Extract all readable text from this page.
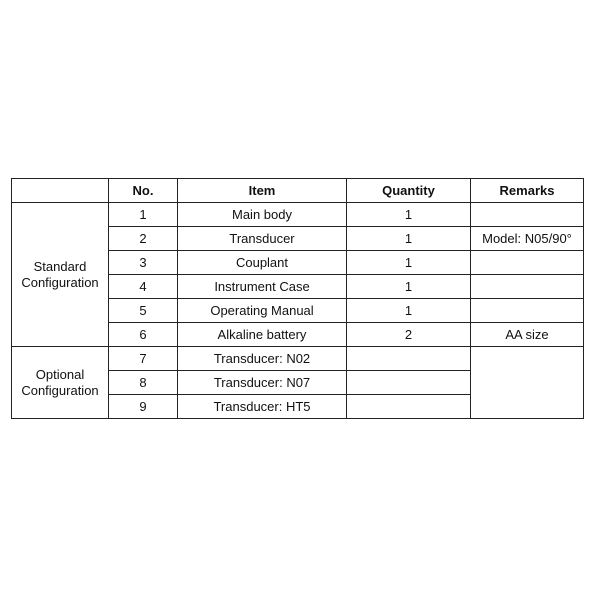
	No.	Item	Quantity	Remarks

Standard
Configuration	1	Main body	1	
	2	Transducer	1	Model: N05/90°
	3	Couplant	1	
	4	Instrument Case	1	
	5	Operating Manual	1	
	6	Alkaline battery	2	AA size

Optional
Configuration	7	Transducer: N02		
	8	Transducer: N07		
	9	Transducer: HT5		
